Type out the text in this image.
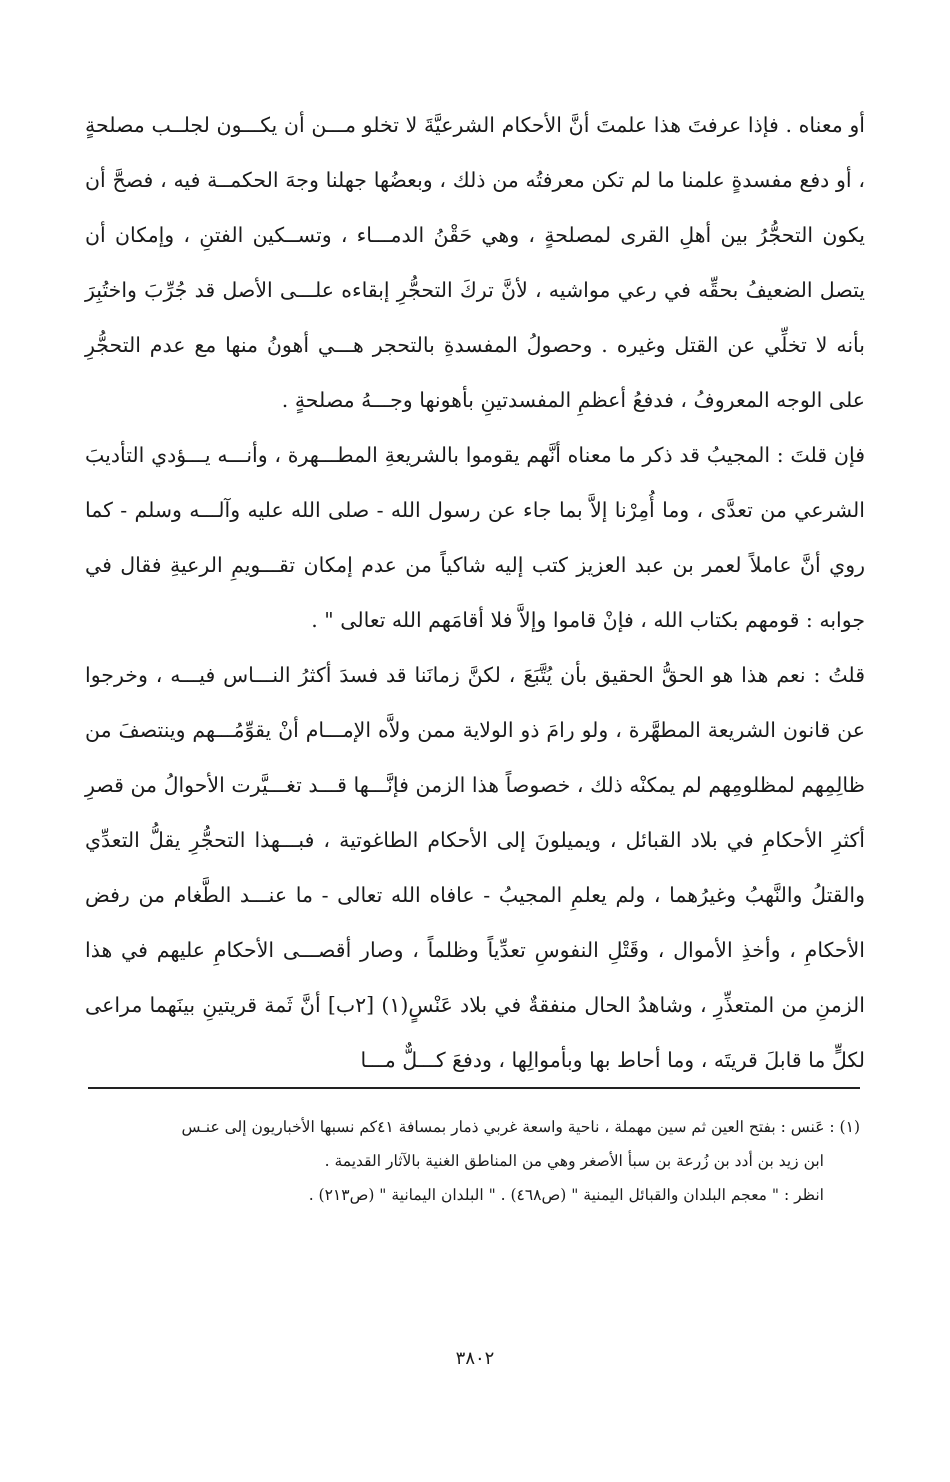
أو معناه . فإذا عرفتَ هذا علمتَ أنَّ الأحكام الشرعيَّةَ لا تخلو مـــن أن يكـــون لجلــب مصلحةٍ ، أو دفع مفسدةٍ علمنا ما لم تكن معرفتُه من ذلك ، وبعضُها جهلنا وجهَ الحكمــة فيه ، فصحَّ أن يكون التحجُّرُ بين أهلِ القرى لمصلحةٍ ، وهي حَقْنُ الدمـــاء ، وتســكين الفتنِ ، وإمكان أن يتصل الضعيفُ بحقِّه في رعي مواشيه ، لأنَّ تركَ التحجُّرِ إبقاءه علـــى الأصل قد جُرِّبَ واختُبِرَ بأنه لا تخلِّي عن القتل وغيره . وحصولُ المفسدةِ بالتحجر هـــي أهونُ منها مع عدم التحجُّرِ على الوجه المعروفُ ، فدفعُ أعظمِ المفسدتينِ بأهونها وجـــهُ مصلحةٍ .

فإن قلتَ : المجيبُ قد ذكر ما معناه أنَّهم يقوموا بالشريعةِ المطـــهرة ، وأنـــه يـــؤدي التأديبَ الشرعي من تعدَّى ، وما أُمِرْنا إلاَّ بما جاء عن رسول الله - صلى الله عليه وآلـــه وسلم - كما روي أنَّ عاملاً لعمر بن عبد العزيز كتب إليه شاكياً من عدم إمكان تقـــويمِ الرعيةِ فقال في جوابه : قومهم بكتاب الله ، فإنْ قاموا وإلاَّ فلا أقامَهم الله تعالى " .

قلتُ : نعم هذا هو الحقُّ الحقيق بأن يُتَّبَعَ ، لكنَّ زمانَنا قد فسدَ أكثرُ النـــاس فيـــه ، وخرجوا عن قانون الشريعة المطهَّرة ، ولو رامَ ذو الولاية ممن ولاَّه الإمـــام أنْ يقوِّمُـــهم وينتصفَ من ظالِمِهم لمظلومِهم لم يمكنْه ذلك ، خصوصاً هذا الزمن فإنَّـــها قـــد تغـــيَّرت الأحوالُ من قصرِ أكثرِ الأحكامِ في بلاد القبائل ، ويميلونَ إلى الأحكام الطاغوتية ، فبـــهذا التحجُّرِ يقلُّ التعدِّي والقتلُ والنَّهبُ وغيرُهما ، ولم يعلمِ المجيبُ - عافاه الله تعالى - ما عنـــد الطَّغام من رفض الأحكامِ ، وأخذِ الأموال ، وقَتْلِ النفوسِ تعدِّياً وظلماً ، وصار أقصـــى الأحكامِ عليهم في هذا الزمنِ من المتعذِّرِ ، وشاهدُ الحال منفقةٌ في بلاد عَنْسٍ(١) [٢ب] أنَّ ثَمة قريتينِ بينَهما مراعى لكلٍّ ما قابلَ قريتَه ، وما أحاط بها وبأموالِها ، ودفعَ كـــلٌّ مـــا

(١) : عَنس : بفتح العين ثم سين مهملة ، ناحية واسعة غربي ذمار بمسافة ٤١كم نسبها الأخباريون إلى عنـس

ابن زيد بن أدد بن زُرعة بن سبأ الأصغر وهي من المناطق الغنية بالآثار القديمة .

انظر : " معجم البلدان والقبائل اليمنية " (ص٤٦٨) . " البلدان اليمانية " (ص٢١٣) .

٣٨٠٢
